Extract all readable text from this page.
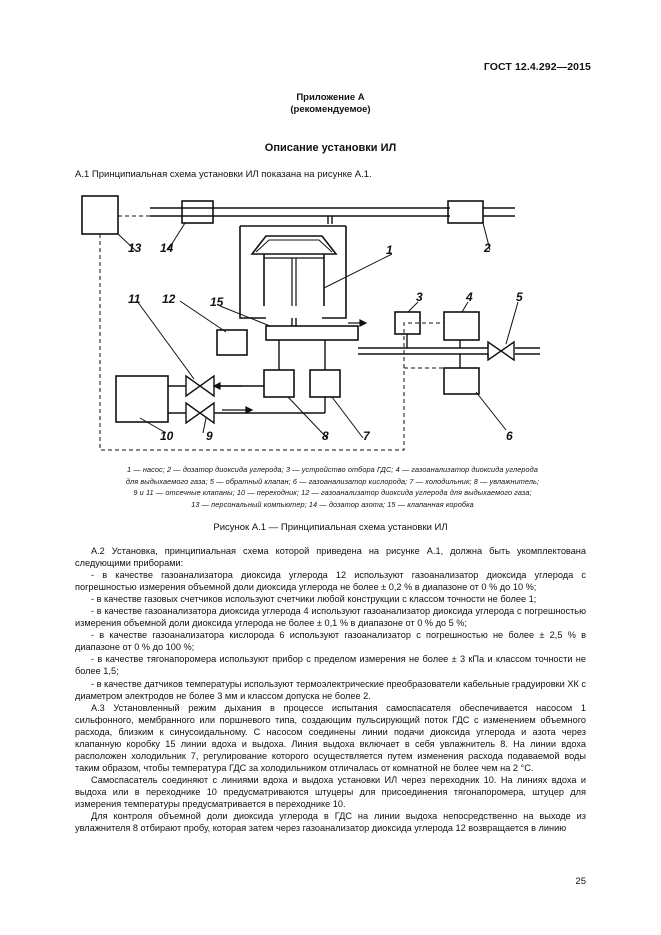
ГОСТ 12.4.292—2015
Приложение А
(рекомендуемое)
Описание установки ИЛ
А.1 Принципиальная схема установки ИЛ показана на рисунке А.1.
13 14	2
1
11 12	15	3	4	5
6
7
8
9
10
1 — насос; 2 — дозатор диоксида углерода; 3 — устройство отбора ГДС; 4 — газоанализатор диоксида углерода
для выдыхаемого газа; 5 — обратный клапан; 6 — газоанализатор кислорода; 7 — холодильник; 8 — увлажнитель;
9 и 11 — отсечные клапаны; 10 — переходник; 12 — газоанализатор диоксида углерода для выдыхаемого газа;
13 — персональный компьютер; 14 — дозатор азота; 15 — клапанная коробка
Рисунок А.1 — Принципиальная схема установки ИЛ

А.2 Установка, принципиальная схема которой приведена на рисунке А.1, должна быть укомплектована следующими приборами:

- в качестве газоанализатора диоксида углерода 12 используют газоанализатор диоксида углерода с погрешностью измерения объемной доли диоксида углерода не более ± 0,2 % в диапазоне от 0 % до 10 %;

- в качестве газовых счетчиков используют счетчики любой конструкции с классом точности не более 1;

- в качестве газоанализатора диоксида углерода 4 используют газоанализатор диоксида углерода с погрешностью измерения объемной доли диоксида углерода не более ± 0,1 % в диапазоне от 0 % до 5 %;

- в качестве газоанализатора кислорода 6 используют газоанализатор с погрешностью не более ± 2,5 % в диапазоне от 0 % до 100 %;

- в качестве тягонапоромера используют прибор с пределом измерения не более ± 3 кПа и классом точности не более 1,5;

- в качестве датчиков температуры используют термоэлектрические преобразователи кабельные градуировки ХК с диаметром электродов не более 3 мм и классом допуска не более 2.

А.3 Установленный режим дыхания в процессе испытания самоспасателя обеспечивается насосом 1 сильфонного, мембранного или поршневого типа, создающим пульсирующий поток ГДС с изменением объемного расхода, близким к синусоидальному. С насосом соединены линии подачи диоксида углерода и азота через клапанную коробку 15 линии вдоха и выдоха. Линия выдоха включает в себя увлажнитель 8. На линии вдоха расположен холодильник 7, регулирование которого осуществляется путем изменения расхода подаваемой воды таким образом, чтобы температура ГДС за холодильником отличалась от комнатной не более чем на 2 °С.

Самоспасатель соединяют с линиями вдоха и выдоха установки ИЛ через переходник 10. На линиях вдоха и выдоха или в переходнике 10 предусматриваются штуцеры для присоединения тягонапоромера, штуцер для измерения температуры предусматривается в переходнике 10.

Для контроля объемной доли диоксида углерода в ГДС на линии выдоха непосредственно на выходе из увлажнителя 8 отбирают пробу, которая затем через газоанализатор диоксида углерода 12 возвращается в линию

25
